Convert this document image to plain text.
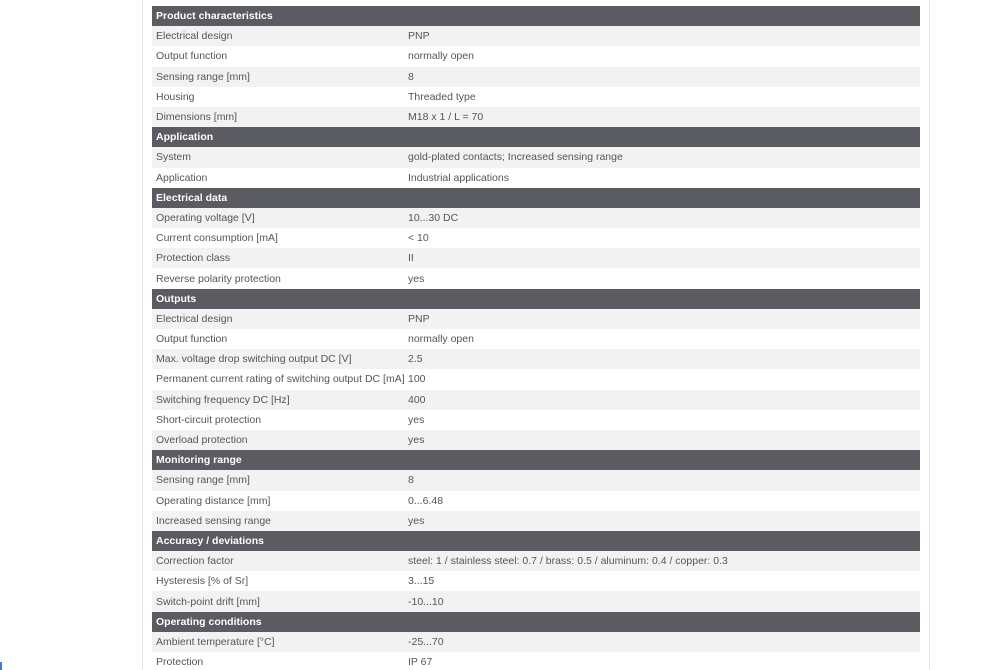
Product characteristics
Electrical design	PNP
Output function	normally open
Sensing range [mm]	8
Housing	Threaded type
Dimensions [mm]	M18 x 1 / L = 70
Application
System	gold-plated contacts; Increased sensing range
Application	Industrial applications
Electrical data
Operating voltage [V]	10...30 DC
Current consumption [mA]	< 10
Protection class	II
Reverse polarity protection	yes
Outputs
Electrical design	PNP
Output function	normally open
Max. voltage drop switching output DC [V]	2.5
Permanent current rating of switching output DC [mA] 100
Switching frequency DC [Hz]	400
Short-circuit protection	yes
Overload protection	yes
Monitoring range
Sensing range [mm]	8
Operating distance [mm]	0...6.48
Increased sensing range	yes
Accuracy / deviations
Correction factor	steel: 1 / stainless steel: 0.7 / brass: 0.5 / aluminum: 0.4 / copper: 0.3
Hysteresis [% of Sr]	3...15
Switch-point drift [mm]	-10...10
Operating conditions
Ambient temperature [°C]	-25...70
Protection	IP 67
